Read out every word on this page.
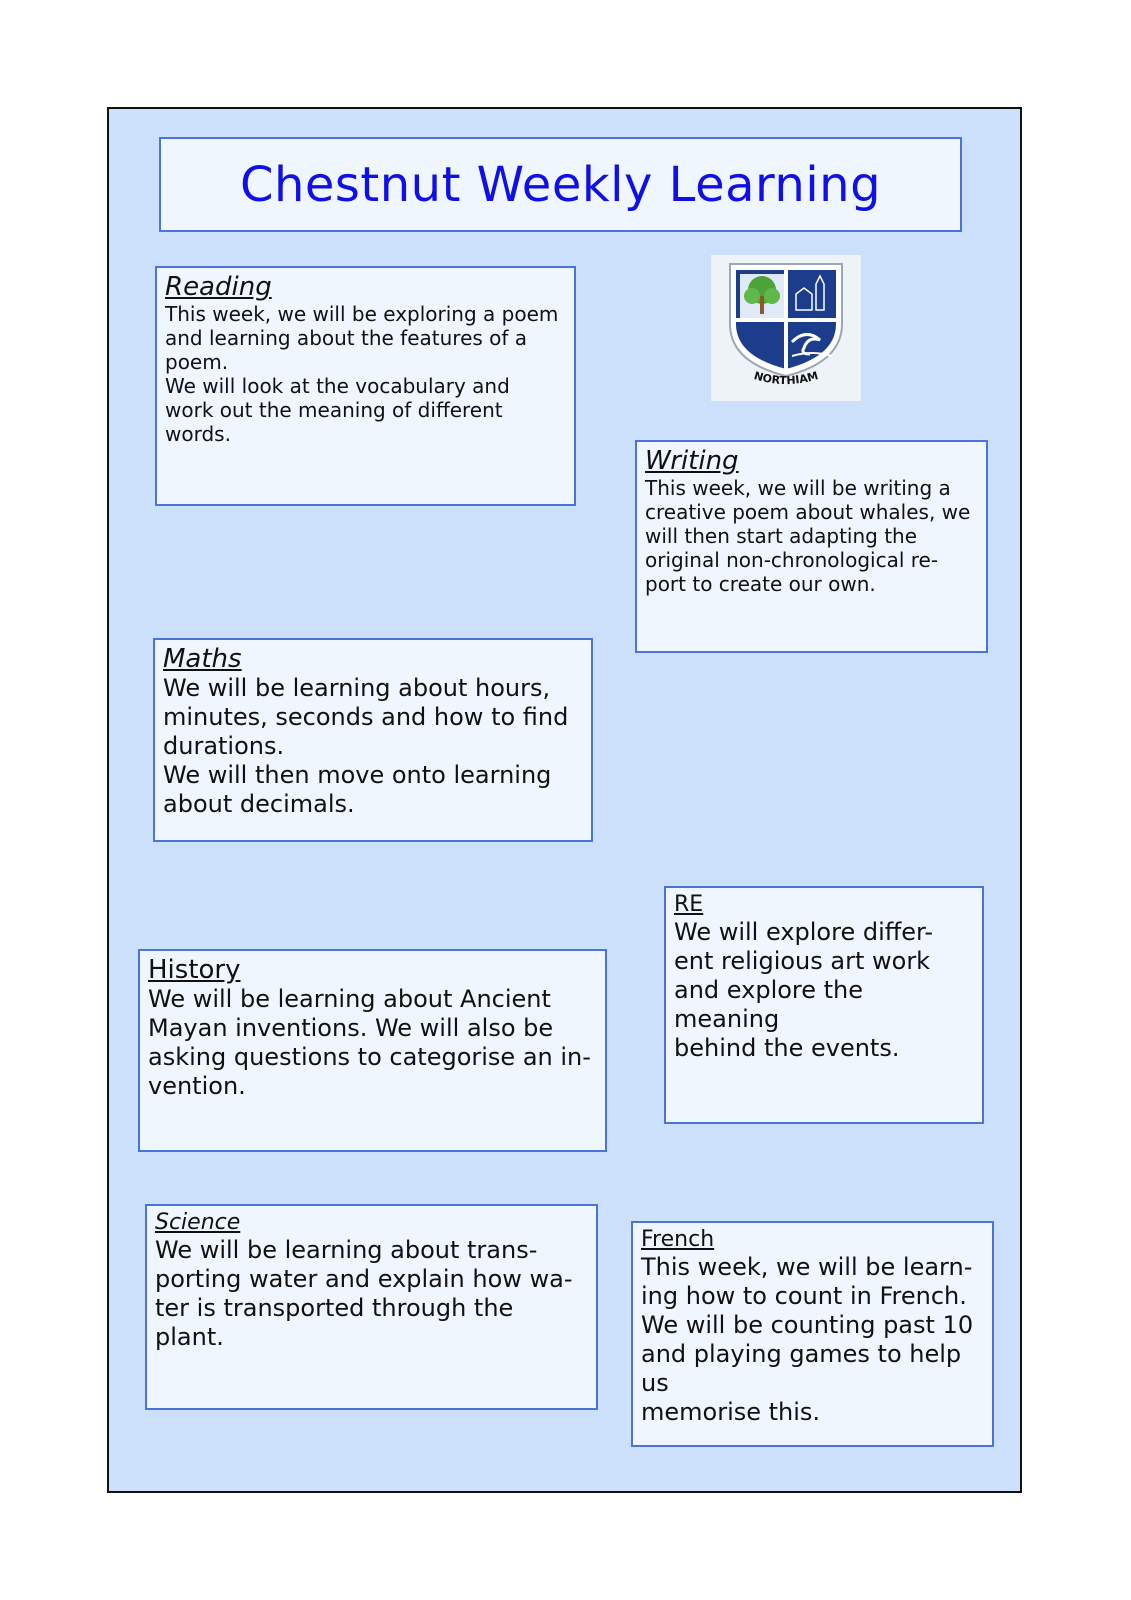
Chestnut Weekly Learning
Reading
This week, we will be exploring a poem
and learning about the features of a
poem.
We will look at the vocabulary and
work out the meaning of different
words.
NORTHIAM
Writing
This week, we will be writing a
creative poem about whales, we
will then start adapting the
original non-chronological re-
port to create our own.
Maths
We will be learning about hours,
minutes, seconds and how to find
durations.
We will then move onto learning
about decimals.
RE
We will explore differ-
ent religious art work
and explore the meaning
behind the events.
History
We will be learning about Ancient
Mayan inventions. We will also be
asking questions to categorise an in-
vention.
Science
We will be learning about trans-
porting water and explain how wa-
ter is transported through the
plant.
French
This week, we will be learn-
ing how to count in French.
We will be counting past 10
and playing games to help us
memorise this.
